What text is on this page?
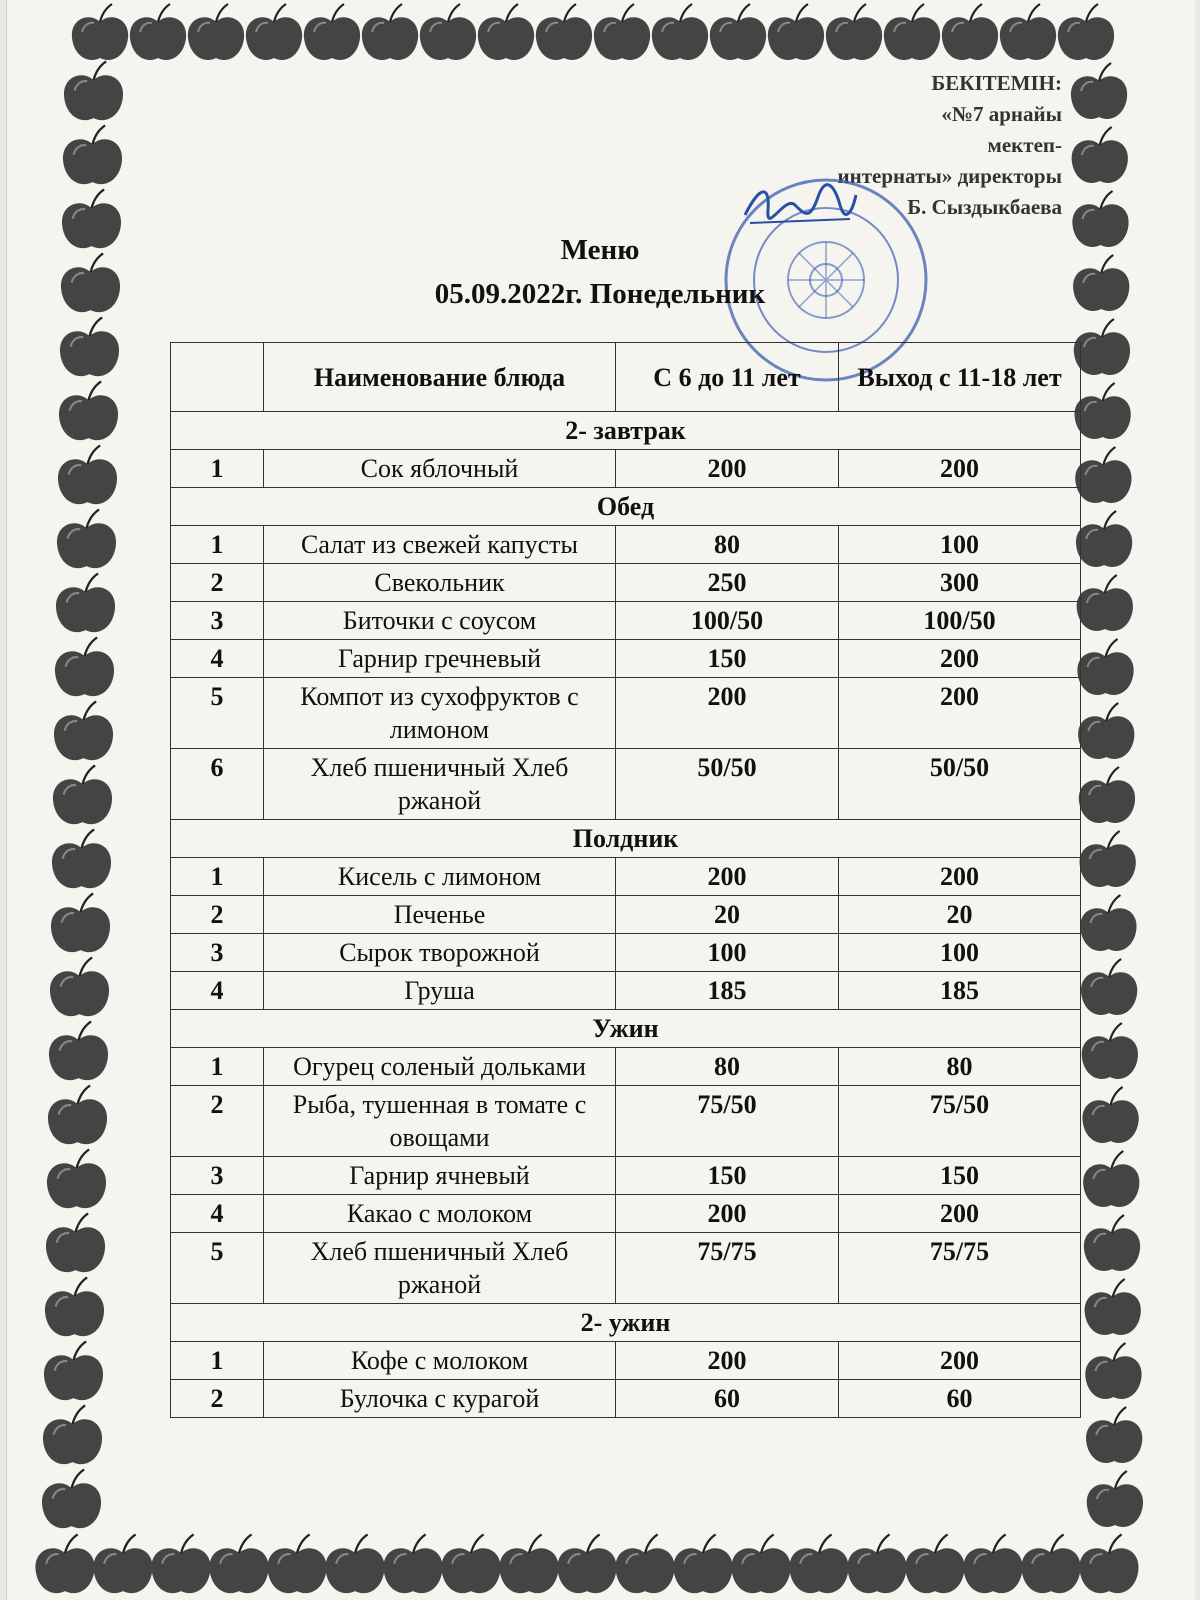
БЕКІТЕМІН:
«№7 арнайы
мектеп-
интернаты» директоры
Б. Сыздыкбаева
Меню
05.09.2022г. Понедельник
	Наименование блюда	С 6 до 11 лет	Выход с 11-18 лет
2- завтрак			
1	Сок яблочный	200	200
Обед			
1	Салат из свежей капусты	80	100
2	Свекольник	250	300
3	Биточки с соусом	100/50	100/50
4	Гарнир гречневый	150	200
5	Компот из сухофруктов с лимоном	200	200
6	Хлеб пшеничный Хлеб ржаной	50/50	50/50
Полдник			
1	Кисель с лимоном	200	200
2	Печенье	20	20
3	Сырок творожной	100	100
4	Груша	185	185
Ужин			
1	Огурец соленый дольками	80	80
2	Рыба, тушенная в томате с овощами	75/50	75/50
3	Гарнир ячневый	150	150
4	Какао с молоком	200	200
5	Хлеб пшеничный Хлеб ржаной	75/75	75/75
2- ужин			
1	Кофе с молоком	200	200
2	Булочка с курагой	60	60
